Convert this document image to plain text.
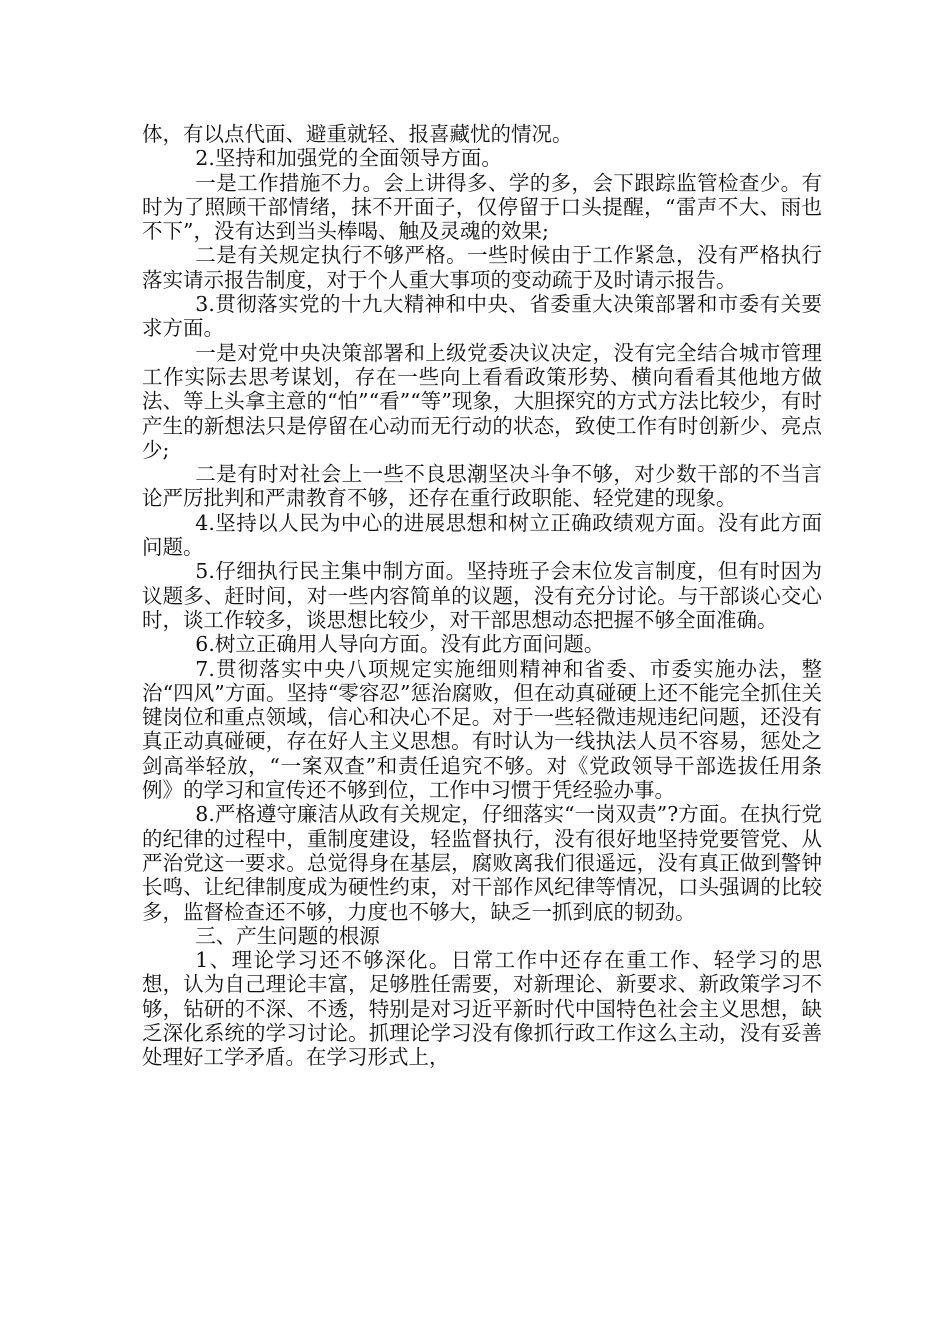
体，有以点代面、避重就轻、报喜藏忧的情况。

2.坚持和加强党的全面领导方面。

一是工作措施不力。会上讲得多、学的多，会下跟踪监管检查少。有时为了照顾干部情绪，抹不开面子，仅停留于口头提醒，“雷声不大、雨也不下”，没有达到当头棒喝、触及灵魂的效果;

二是有关规定执行不够严格。一些时候由于工作紧急，没有严格执行落实请示报告制度，对于个人重大事项的变动疏于及时请示报告。

3.贯彻落实党的十九大精神和中央、省委重大决策部署和市委有关要求方面。

一是对党中央决策部署和上级党委决议决定，没有完全结合城市管理工作实际去思考谋划，存在一些向上看看政策形势、横向看看其他地方做法、等上头拿主意的“怕”“看”“等”现象，大胆探究的方式方法比较少，有时产生的新想法只是停留在心动而无行动的状态，致使工作有时创新少、亮点少;

二是有时对社会上一些不良思潮坚决斗争不够，对少数干部的不当言论严厉批判和严肃教育不够，还存在重行政职能、轻党建的现象。

4.坚持以人民为中心的进展思想和树立正确政绩观方面。没有此方面问题。

5.仔细执行民主集中制方面。坚持班子会末位发言制度，但有时因为议题多、赶时间，对一些内容简单的议题，没有充分讨论。与干部谈心交心时，谈工作较多，谈思想比较少，对干部思想动态把握不够全面准确。

6.树立正确用人导向方面。没有此方面问题。

7.贯彻落实中央八项规定实施细则精神和省委、市委实施办法，整治“四风”方面。坚持“零容忍”惩治腐败，但在动真碰硬上还不能完全抓住关键岗位和重点领域，信心和决心不足。对于一些轻微违规违纪问题，还没有真正动真碰硬，存在好人主义思想。有时认为一线执法人员不容易，惩处之剑高举轻放，“一案双查”和责任追究不够。对《党政领导干部选拔任用条例》的学习和宣传还不够到位，工作中习惯于凭经验办事。

8.严格遵守廉洁从政有关规定，仔细落实“一岗双责”?方面。在执行党的纪律的过程中，重制度建设，轻监督执行，没有很好地坚持党要管党、从严治党这一要求。总觉得身在基层，腐败离我们很遥远，没有真正做到警钟长鸣、让纪律制度成为硬性约束，对干部作风纪律等情况，口头强调的比较多，监督检查还不够，力度也不够大，缺乏一抓到底的韧劲。

三、产生问题的根源

1、理论学习还不够深化。日常工作中还存在重工作、轻学习的思想，认为自己理论丰富，足够胜任需要，对新理论、新要求、新政策学习不够，钻研的不深、不透，特别是对习近平新时代中国特色社会主义思想，缺乏深化系统的学习讨论。抓理论学习没有像抓行政工作这么主动，没有妥善处理好工学矛盾。在学习形式上，
